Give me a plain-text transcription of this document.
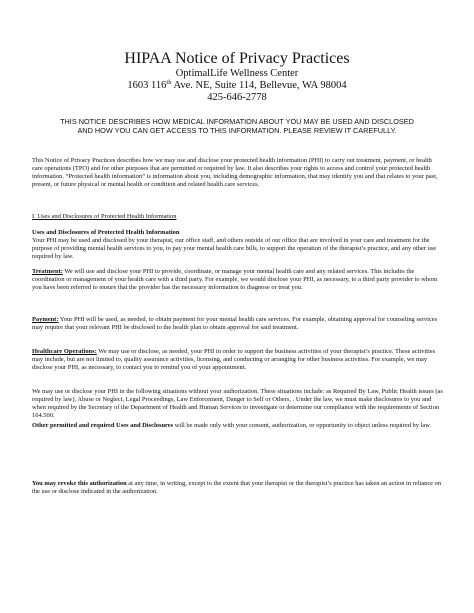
HIPAA Notice of Privacy Practices
OptimalLife Wellness Center
1603 116th Ave. NE, Suite 114, Bellevue, WA 98004
425-646-2778
THIS NOTICE DESCRIBES HOW MEDICAL INFORMATION ABOUT YOU MAY BE USED AND DISCLOSED AND HOW YOU CAN GET ACCESS TO THIS INFORMATION. PLEASE REVIEW IT CAREFULLY.
This Notice of Privacy Practices describes how we may use and disclose your protected health information (PHI) to carry out treatment, payment, or health care operations (TPO) and for other purposes that are permitted or required by law. It also describes your rights to access and control your protected health information. “Protected health information” is information about you, including demographic information, that may identify you and that relates to your past, present, or future physical or mental health or condition and related health care services.
I. Uses and Disclosures of Protected Health Information
Uses and Disclosures of Protected Health Information
Your PHI may be used and disclosed by your therapist, our office staff, and others outside of our office that are involved in your care and treatment for the purpose of providing mental health services to you, to pay your mental health care bills, to support the operation of the therapist’s practice, and any other use required by law.
Treatment: We will use and disclose your PHI to provide, coordinate, or manage your mental health care and any related services. This includes the coordination or management of your health care with a third party. For example, we would disclose your PHI, as necessary, to a third party provider to whom you have been referred to ensure that the provider has the necessary information to diagnose or treat you.
Payment: Your PHI will be used, as needed, to obtain payment for your mental health care services. For example, obtaining approval for counseling services may require that your relevant PHI be disclosed to the health plan to obtain approval for said treatment.
Healthcare Operations: We may use or disclose, as needed, your PHI in order to support the business activities of your therapist’s practice. These activities may include, but are not limited to, quality assurance activities, licensing, and conducting or arranging for other business activities. For example, we may disclose your PHI, as necessary, to contact you to remind you of your appointment.
We may use or disclose your PHI in the following situations without your authorization. These situations include: as Required By Law, Public Health issues (as required by law), Abuse or Neglect, Legal Proceedings, Law Enforcement, Danger to Self or Others, . Under the law, we must make disclosures to you and when required by the Secretary of the Department of Health and Human Services to investigate or determine our compliance with the requirements of Section 164.500.
Other permitted and required Uses and Disclosures will be made only with your consent, authorization, or opportunity to object unless required by law.
You may revoke this authorization at any time, in writing, except to the extent that your therapist or the therapist’s practice has taken an action in reliance on the use or disclose indicated in the authorization.
